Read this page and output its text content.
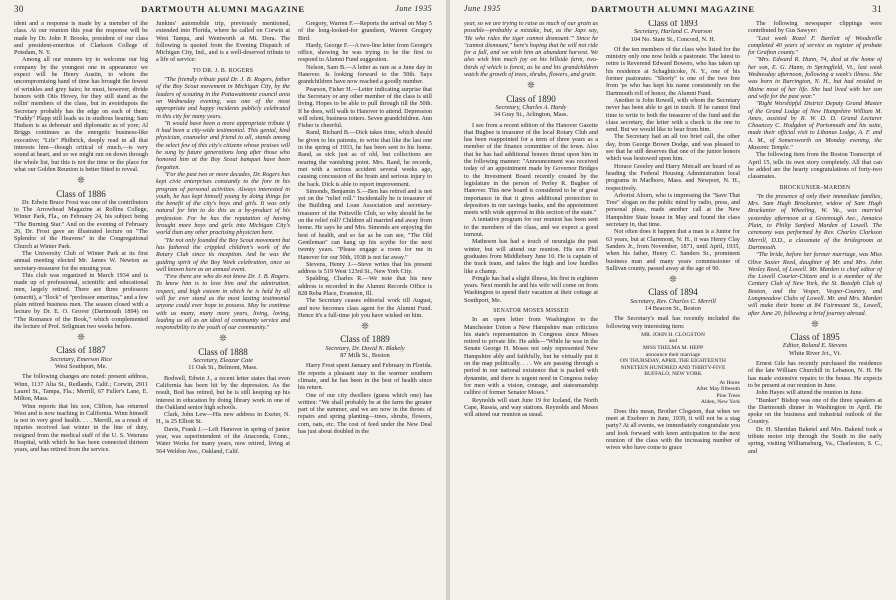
30	DARTMOUTH ALUMNI MAGAZINE	June 1935

ident and a response is made by a member of the class. At our reunion this year the response will be made by Dr. John P. Brooks, president of our class and president-emeritus of Clarkson College of Potsdam, N. Y.

Among all our reuners try to welcome our big company by the youngest one in appearance we expect will be Henry Austin, to whom the uncompromising hand of time has brought the fewest of wrinkles and grey hairs; he must, however, divide honors with Otis Hovey, for they still stand as the rollin' members of the class, but in avoirdupois the Secretary probably has the edge on each of them; "Fuddy" Plapp still leads us in studious bearing; Sam Hudson is as debonair and diplomatic as of yore; Al Briggs continues as the energetic business-like executive; "Life" Philbrick, deeply read in all that interests him—though critical of much,—is very sound at heart, and so we might run on down through the whole list, but this is not the time or the place for what our Golden Reunion is better fitted to reveal.

❊
Class of 1886

Dr. Edwin Bruce Frost was one of the contributors to The Arrowhead Magazine at Rollins College, Winter Park, Fla., on February 24, his subject being "The Burning Star." And on the evening of February 26, Dr. Frost gave an illustrated lecture on "The Splendor of the Heavens" in the Congregational Church at Winter Park.

The University Club of Winter Park at its first annual meeting elected Mr. James W. Newton as secretary-treasurer for the ensuing year.

This club was organized in March 1934 and is made up of professional, scientific and educational men, largely retired. There are three professors (emeriti), a "flock" of "professor emeritus," and a few plain retired business men. The season closed with a lecture by Dr. E. O. Grover (Dartmouth 1894) on "The Romance of the Book," which complemented the lecture of Prof. Seligman two weeks before.

❊
Class of 1887
Secretary, Emerson Rice
West Southport, Me.

The following changes are noted: present address, Winn, 1137 Alta St., Redlands, Calif.; Corwin, 2911 Laurel St., Tampa, Fla.; Merrill, 67 Fuller's Lane, E. Milton, Mass.

Winn reports that his son, Clifton, has returned West and is now teaching in California. Winn himself is not in very good health. . . . Merrill, as a result of injuries received last winter in the line of duty, resigned from the medical staff of the U. S. Veterans Hospital, with which he has been connected thirteen years, and has retired from the service.

Junkins' automobile trip, previously mentioned, extended into Florida, where he called on Corwin at West Tampa, and Wentworth at Mt. Dora. The following is quoted from the Evening Dispatch of Michigan City, Ind., and is a well-deserved tribute to a life of service:

TO DR. J. B. ROGERS

"The friendly tribute paid Dr. J. B. Rogers, father of the Boy Scout movement in Michigan City, by the leaders of scouting in the Pottawattomie council area on Wednesday evening, was one of the most appropriate and happy incidents publicly celebrated in this city for many years.

"It would have been a more appropriate tribute if it had been a city-wide testimonial. This genial, kind physician, counselor and friend to all, stands among the select few of this city's citizens whose praises will be sung by future generations long after those who honored him at the Boy Scout banquet have been forgotten.

"For the past two or more decades, Dr. Rogers has kept civic enterprises constantly to the fore in his program of personal activities. Always interested in youth, he has kept himself young by doing things for the benefit of the city's boys and girls. It was only natural for him to do this as a by-product of his profession. For he has the reputation of having brought more boys and girls into Michigan City's world than any other practising physician here.

"He not only founded the Boy Scout movement but has fathered the crippled children's work of the Rotary Club since its inception. And he was the guiding spirit of the Boy Week celebration, once so well known here as an annual event.

"Few there are who do not know Dr. J. B. Rogers. To know him is to love him and the admiration, respect, and high esteem in which he is held by all will for ever stand as the most lasting testimonial anyone could ever hope to possess. May he continue with us many, many more years, living, loving, leading us all as an ideal of community service and responsibility to the youth of our community."

❊
Class of 1888
Secretary, Eleazar Cate
11 Oak St., Belmont, Mass.

Bodwell, Edwin J., a recent letter states that even California has been hit by the depression. As the result, Bod has retired, but he is still keeping up his interest in education by doing library work in one of the Oakland senior high schools.

Clark, John Lew—His new address in Exeter, N. H., is 25 Elliott St.

Davis, Frank J.—Left Hanover in spring of junior year, was superintendent of the Anaconda, Conn., Water Works for many years, now retired, living at 564 Weldon Ave., Oakland, Calif.

Gregory, Warren F.—Reports the arrival on May 5 of the long-looked-for grandson, Warren Gregory Bird.

Hardy, George F.—A two-line letter from George's office, showing he was trying to be the first to respond to Alumni Fund suggestion.

Nelson, Sam B.—A letter as rare as a June day in Hanover. Is looking forward to the 50th. Says grandchildren have now reached a goodly number.

Pearson, Fisher H.—Letter indicating surprise that the Secretary or any other member of the class is still living. Hopes to be able to pull through till the 50th. If he does, will walk to Hanover to attend. Depression will relent, business totters. Seven grandchildren. Ann Fisher is cheerful.

Rand, Richard B.—Dick takes time, which should be given to his patients, to write that like the last one in the spring of 1933, he has been sent to his home. Rand, as sick just as of old, but collections are nearing the vanishing point. Mrs. Rand, he records, met with a serious accident several weeks ago, causing concussion of the brain and serious injury to the back. Dick is able to report improvement.

Simonds, Benjamin S.—Ben has retired and is not yet on the "relief roll." Incidentally he is treasurer of the Building and Loan Association and secretary-treasurer of the Pottsville Club, so why should he be on the relief roll? Children all married and away from home. He says he and Mrs. Simonds are enjoying the best of health, and so far as he can see, "The Old Gentleman" can hang up his scythe for the next twenty years. "Please engage a room for me in Hanover for our 50th, 1938 is not far away."

Stevens, Henry J.—Steve writes that his present address is 519 West 123rd St., New York City.

Spalding, Charles R.—We note that his new address is recorded in the Alumni Records Office is 828 Reba Place, Evanston, Ill.

The Secretary ceases editorial work till August, and now becomes class agent for the Alumni Fund. Hence it's a full-time job you have wished on him.

❊
Class of 1889
Secretary, Dr. David N. Blakely
87 Milk St., Boston

Harry Frost spent January and February in Florida. He reports a pleasant stay in the warmer southern climate, and he has been in the best of health since his return.

One of our city dwellers (guess which one) has written: "We shall probably be at the farm the greater part of the summer, and we are now in the throes of repairs and spring planting—trees, shrubs, flowers, corn, oats, etc. The cost of feed under the New Deal has just about doubled in the

June 1935	DARTMOUTH ALUMNI MAGAZINE	31

year, so we are trying to raise as much of our grain as possible—probably a mistake, but, as the Japs say, 'He who rides the tiger cannot dismount.'" Since he "cannot dismount," here's hoping that he will not ride for a fall, and we wish him an abundant harvest. We also wish him much joy on his hillside farm, two-thirds of which is forest, as he and his grandchildren watch the growth of trees, shrubs, flowers, and grain.

❊
Class of 1890
Secretary, Charles A. Hardy
34 Gray St., Arlington, Mass.

I see from a recent edition of the Hanover Gazette that Bugbee is treasurer of the local Rotary Club and has been reappointed for a term of three years as a member of the finance committee of the town. Also that he has had additional honors thrust upon him in the following manner: "Announcement was received today of an appointment made by Governor Bridges to the Investment Board recently created by the legislature in the person of Perley R. Bugbee of Hanover. This new board is considered to be of great importance in that it gives additional protection to depositors in our savings banks, and the appointment meets with wide approval in this section of the state."

A tentative program for our reunion has been sent to the members of the class, and we expect a good turnout.

Matheson has had a touch of neuralgia the past winter, but will attend our reunion. His son Phil graduates from Middlebury June 10. He is captain of the track team, and takes the high and low hurdles like a champ.

Pringle has had a slight illness, his first in eighteen years. Next month he and his wife will come on from Washington to spend their vacation at their cottage at Southport, Me.

SENATOR MOSES MISSED

In an open letter from Washington to the Manchester Union a New Hampshire man criticizes his state's representation in Congress since Moses retired to private life. He adds—"While he was in the Senate George H. Moses not only represented New Hampshire ably and faithfully, but he virtually put it on the map politically. . . . We are passing through a period in our national existence that is packed with dynamite, and there is urgent need in Congress today for men with a vision, courage, and statesmanship calibre of former Senator Moses."

Reynolds will start June 19 for Iceland, the North Cape, Russia, and way stations. Reynolds and Moses will attend our reunion as usual.

Class of 1893
Secretary, Harland C. Pearson
104 No. State St., Concord, N. H.

Of the ten members of the class who listed for the ministry only one now holds a pastorate. The latest to retire is Reverend Edward Bowers, who has taken up his residence at Schaghticoke, N. Y., one of his former pastorates. "Shorty" is one of the two free from 'ps who has kept his name consistently on the Dartmouth roll of honor, the Alumni Fund.

Another is John Rowell, with whom the Secretary never has been able to get in touch. If he cannot find time to write to both the treasurer of the fund and the class secretary, the letter with a check is the one to send. But we would like to hear from him.

The Secretary had an all too brief call, the other day, from George Brown Dodge, and was pleased to see that he still deserves that one of the junior honors which was bestowed upon him.

Horace Greeley and Harry Metcalf are heard of as heading the Federal Housing Administration local programs in Marlboro, Mass. and Newport, N. H., respectively.

Arborist Ahorn, who is impressing the "Save That Tree" slogan on the public mind by radio, press, and personal pleas, made another call at the New Hampshire State house in May and found the class secretary in, that time.

Not often does it happen that a man is a Junior for 63 years, but at Claremont, N. H., it was Henry Clay Sanders Jr., from November, 1871, until April, 1935, when his father, Henry C. Sanders Sr., prominent business man and many years commissioner of Sullivan county, passed away at the age of 90.

❊
Class of 1894
Secretary, Rev. Charles C. Merrill
14 Beacon St., Boston

The Secretary's mail has recently included the following very interesting item:

MR. JOHN H. CLOGSTON
and
MISS THELMA M. HEPP
announce their marriage
ON THURSDAY, APRIL THE EIGHTEENTH
NINETEEN HUNDRED AND THIRTY-FIVE
BUFFALO, NEW YORK
At Home
After May fifteenth
Pine Trees
Alden, New York

Does this mean, Brother Clogston, that when we meet at Exeboro in June, 1939, it will not be a stag party? At all events, we immediately congratulate you and look forward with keen anticipation to the next reunion of the class with the increasing number of wives who have come to grace

The following newspaper clippings were contributed by Gus Sawyer:

"Last week Rozel F. Bartlett of Woodsville completed 40 years of service as register of probate for Grafton county."

"Mrs. Edward R. Hunn, 74, died at the home of her son, E. G. Hann, in Springfield, Vt., last week Wednesday afternoon, following a week's illness. She was born in Barrington, N. H., but had resided in Maine most of her life. She had lived with her son and wife for the past year."

"Right Worshipful District Deputy Grand Master of the Grand Lodge of New Hampshire William M. Ames, assisted by R. W. D. D. Grand Lecturer Chauncey C. Hodgdon of Portsmouth and his suite, made their official visit to Libanus Lodge, A. F. and A. M., of Somersworth on Monday evening, the Masonic Temple."

The following item from the Boston Transcript of April 15, tells its own story completely. All that can be added are the hearty congratulations of forty-two classmates.

BROCKUNIER–MARDEN

"In the presence of only their immediate families, Mrs. Sam Hugh Brockunier, widow of Sam Hugh Brockunier of Wheeling, W. Va., was married yesterday afternoon at a Greenough Ave., Jamaica Plain, to Philip Sanford Marden of Lowell. The ceremony was performed by Rev. Charles Clarkson Merrill, D.D., a classmate of the bridegroom at Dartmouth.

"The bride, before her former marriage, was Miss Olive Saxier Reed, daughter of Mr. and Mrs. John Wesley Reed, of Lowell. Mr. Marden is chief editor of the Lowell Courier-Citizen and is a member of the Century Club of New York, the St. Botolph Club of Boston, and the Vesper, Vesper-Country, and Longmeadow Clubs of Lowell. Mr. and Mrs. Marden will make their home at 84 Fairmount St., Lowell, after June 20, following a brief journey abroad.

❊
Class of 1895
Editor, Roland E. Stevens
White River Jct., Vt.

Ernest Gile has recently purchased the residence of the late William Churchill in Lebanon, N. H. He has made extensive repairs to the house. He expects to be present at our reunion in June.

John Hayes will attend the reunion in June.

"Bunker" Bishop was one of the three speakers at the Dartmouth dinner in Washington in April. He spoke on the business and industrial outlook of the Country.

Dr. H. Sheridan Baketel and Mrs. Baketel took a tribute motor trip through the South in the early spring, visiting Williamsburg, Va., Charleston, S. C., and
